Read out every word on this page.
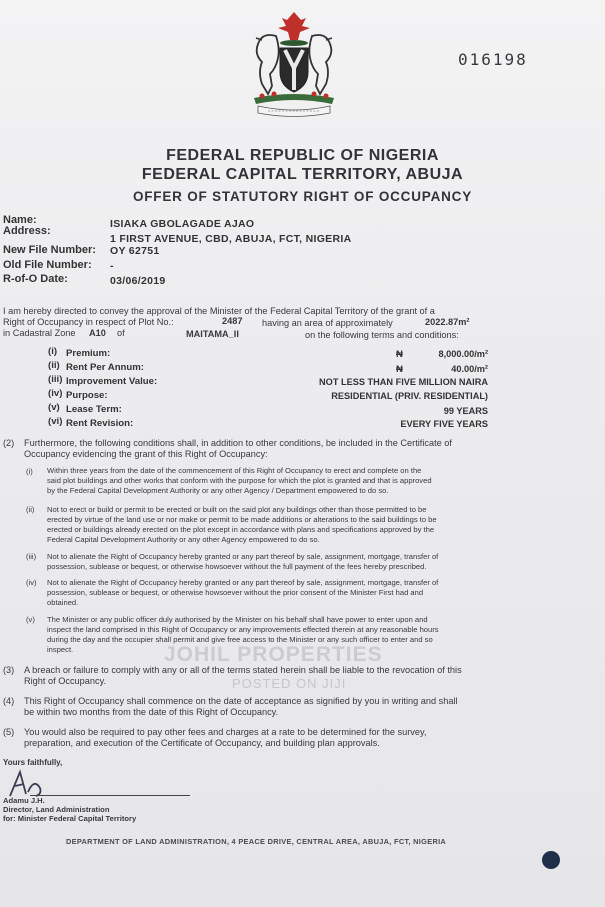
016198
FEDERAL REPUBLIC OF NIGERIA
FEDERAL CAPITAL TERRITORY, ABUJA
OFFER OF STATUTORY RIGHT OF OCCUPANCY
Name:	ISIAKA GBOLAGADE AJAO
Address:
1 FIRST AVENUE, CBD, ABUJA, FCT, NIGERIA
New File Number: OY 62751
Old File Number: -
R-of-O Date:	03/06/2019
I am hereby directed to convey the approval of the Minister of the Federal Capital Territory of the grant of a
Right of Occupancy in respect of Plot No.:	2487 having an area of approximately	2022.87m²
in Cadastral Zone A10 of	MAITAMA_II	on the following terms and conditions:
(i) Premium:	₦	8,000.00/m²
(ii) Rent Per Annum:	₦	40.00/m²
(iii) Improvement Value:	NOT LESS THAN FIVE MILLION NAIRA
(iv) Purpose:	RESIDENTIAL (PRIV. RESIDENTIAL)
(v) Lease Term:	99 YEARS
(vi) Rent Revision:	EVERY FIVE YEARS
(2) Furthermore, the following conditions shall, in addition to other conditions, be included in the Certificate of
Occupancy evidencing the grant of this Right of Occupancy:
(i) Within three years from the date of the commencement of this Right of Occupancy to erect and complete on the
said plot buildings and other works that conform with the purpose for which the plot is granted and that is approved
by the Federal Capital Development Authority or any other Agency / Department empowered to do so.
(ii) Not to erect or build or permit to be erected or built on the said plot any buildings other than those permitted to be
erected by virtue of the land use or nor make or permit to be made additions or alterations to the said buildings to be
erected or buildings already erected on the plot except in accordance with plans and specifications approved by the
Federal Capital Development Authority or any other Agency empowered to do so.
(iii) Not to alienate the Right of Occupancy hereby granted or any part thereof by sale, assignment, mortgage, transfer of
possession, sublease or bequest, or otherwise howsoever without the full payment of the fees hereby prescribed.
(iv) Not to alienate the Right of Occupancy hereby granted or any part thereof by sale, assignment, mortgage, transfer of
possession, sublease or bequest, or otherwise howsoever without the prior consent of the Minister First had and
obtained.
(v) The Minister or any public officer duly authorised by the Minister on his behalf shall have power to enter upon and
inspect the land comprised in this Right of Occupancy or any improvements effected therein at any reasonable hours
during the day and the occupier shall permit and give free access to the Minister or any such officer to enter and so
inspect.	JOHIL PROPERTIES
POSTED ON JIJI
(3) A breach or failure to comply with any or all of the terms stated herein shall be liable to the revocation of this
Right of Occupancy.
(4) This Right of Occupancy shall commence on the date of acceptance as signified by you in writing and shall
be within two months from the date of this Right of Occupancy.
(5) You would also be required to pay other fees and charges at a rate to be determined for the survey,
preparation, and execution of the Certificate of Occupancy, and building plan approvals.
Yours faithfully,
Adamu J.H.
Director, Land Administration
for: Minister Federal Capital Territory
DEPARTMENT OF LAND ADMINISTRATION, 4 PEACE DRIVE, CENTRAL AREA, ABUJA, FCT, NIGERIA
